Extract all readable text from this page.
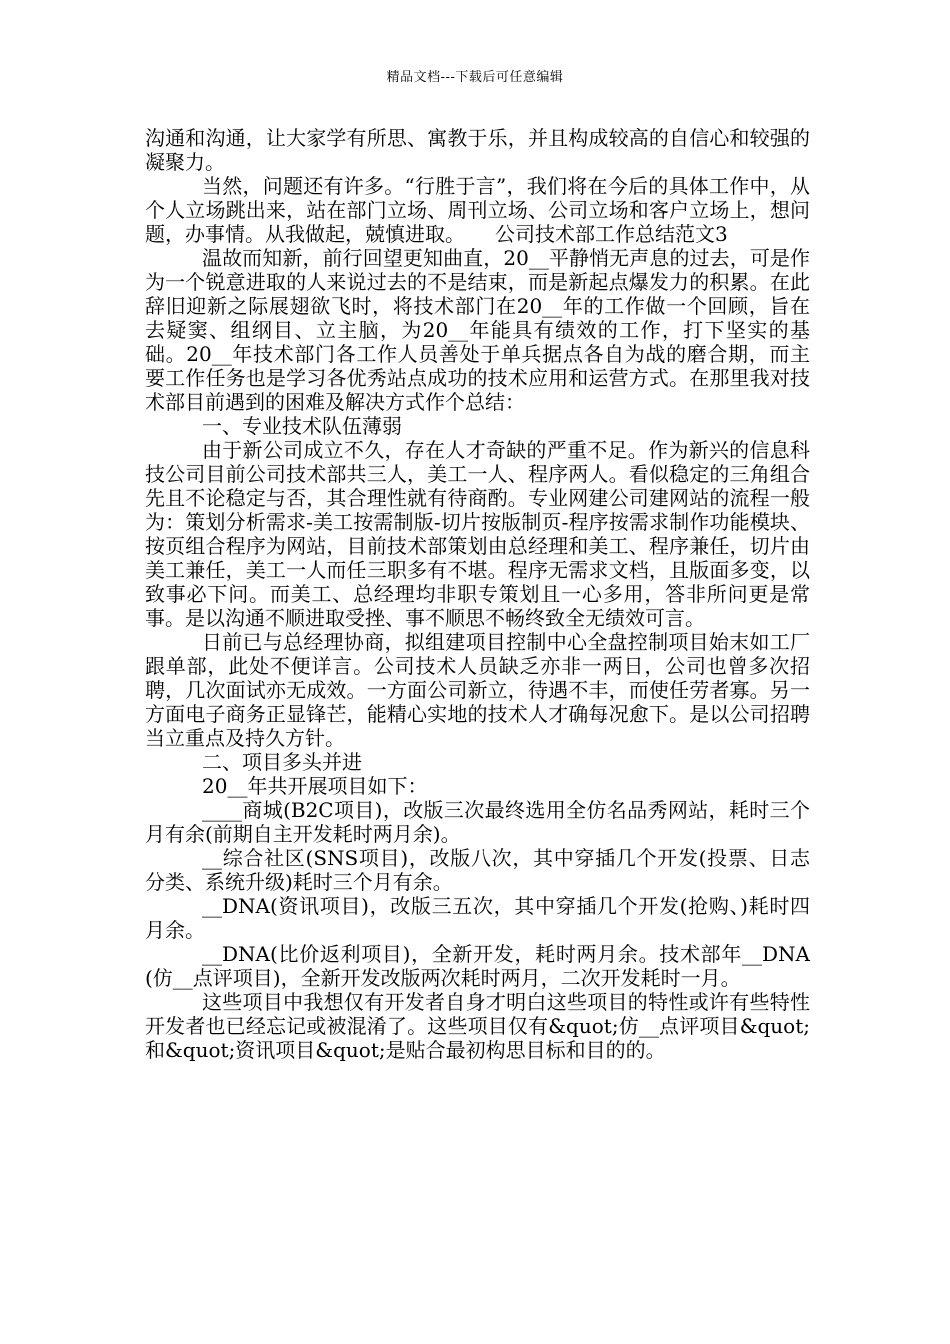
精品文档---下载后可任意编辑

沟通和沟通，让大家学有所思、寓教于乐，并且构成较高的自信心和较强的凝聚力。

当然，问题还有许多。“行胜于言”，我们将在今后的具体工作中，从个人立场跳出来，站在部门立场、周刊立场、公司立场和客户立场上，想问题，办事情。从我做起，兢慎进取。　　公司技术部工作总结范文3

温故而知新，前行回望更知曲直，20__平静悄无声息的过去，可是作为一个锐意进取的人来说过去的不是结束，而是新起点爆发力的积累。在此辞旧迎新之际展翅欲飞时，将技术部门在20__年的工作做一个回顾，旨在去疑窦、组纲目、立主脑，为20__年能具有绩效的工作，打下坚实的基础。20__年技术部门各工作人员善处于单兵据点各自为战的磨合期，而主要工作任务也是学习各优秀站点成功的技术应用和运营方式。在那里我对技术部目前遇到的困难及解决方式作个总结：

一、专业技术队伍薄弱

由于新公司成立不久，存在人才奇缺的严重不足。作为新兴的信息科技公司目前公司技术部共三人，美工一人、程序两人。看似稳定的三角组合先且不论稳定与否，其合理性就有待商酌。专业网建公司建网站的流程一般为：策划分析需求-美工按需制版-切片按版制页-程序按需求制作功能模块、按页组合程序为网站，目前技术部策划由总经理和美工、程序兼任，切片由美工兼任，美工一人而任三职多有不堪。程序无需求文档，且版面多变，以致事必下问。而美工、总经理均非职专策划且一心多用，答非所问更是常事。是以沟通不顺进取受挫、事不顺思不畅终致全无绩效可言。

日前已与总经理协商，拟组建项目控制中心全盘控制项目始末如工厂跟单部，此处不便详言。公司技术人员缺乏亦非一两日，公司也曾多次招聘，几次面试亦无成效。一方面公司新立，待遇不丰，而使任劳者寡。另一方面电子商务正显锋芒，能精心实地的技术人才确每况愈下。是以公司招聘当立重点及持久方针。

二、项目多头并进

20__年共开展项目如下：

____商城(B2C项目)，改版三次最终选用全仿名品秀网站，耗时三个月有余(前期自主开发耗时两月余)。

__综合社区(SNS项目)，改版八次，其中穿插几个开发(投票、日志分类、系统升级)耗时三个月有余。

__DNA(资讯项目)，改版三五次，其中穿插几个开发(抢购、)耗时四月余。

__DNA(比价返利项目)，全新开发，耗时两月余。技术部年__DNA(仿__点评项目)，全新开发改版两次耗时两月，二次开发耗时一月。

这些项目中我想仅有开发者自身才明白这些项目的特性或许有些特性开发者也已经忘记或被混淆了。这些项目仅有&quot;仿__点评项目&quot;和&quot;资讯项目&quot;是贴合最初构思目标和目的的。
